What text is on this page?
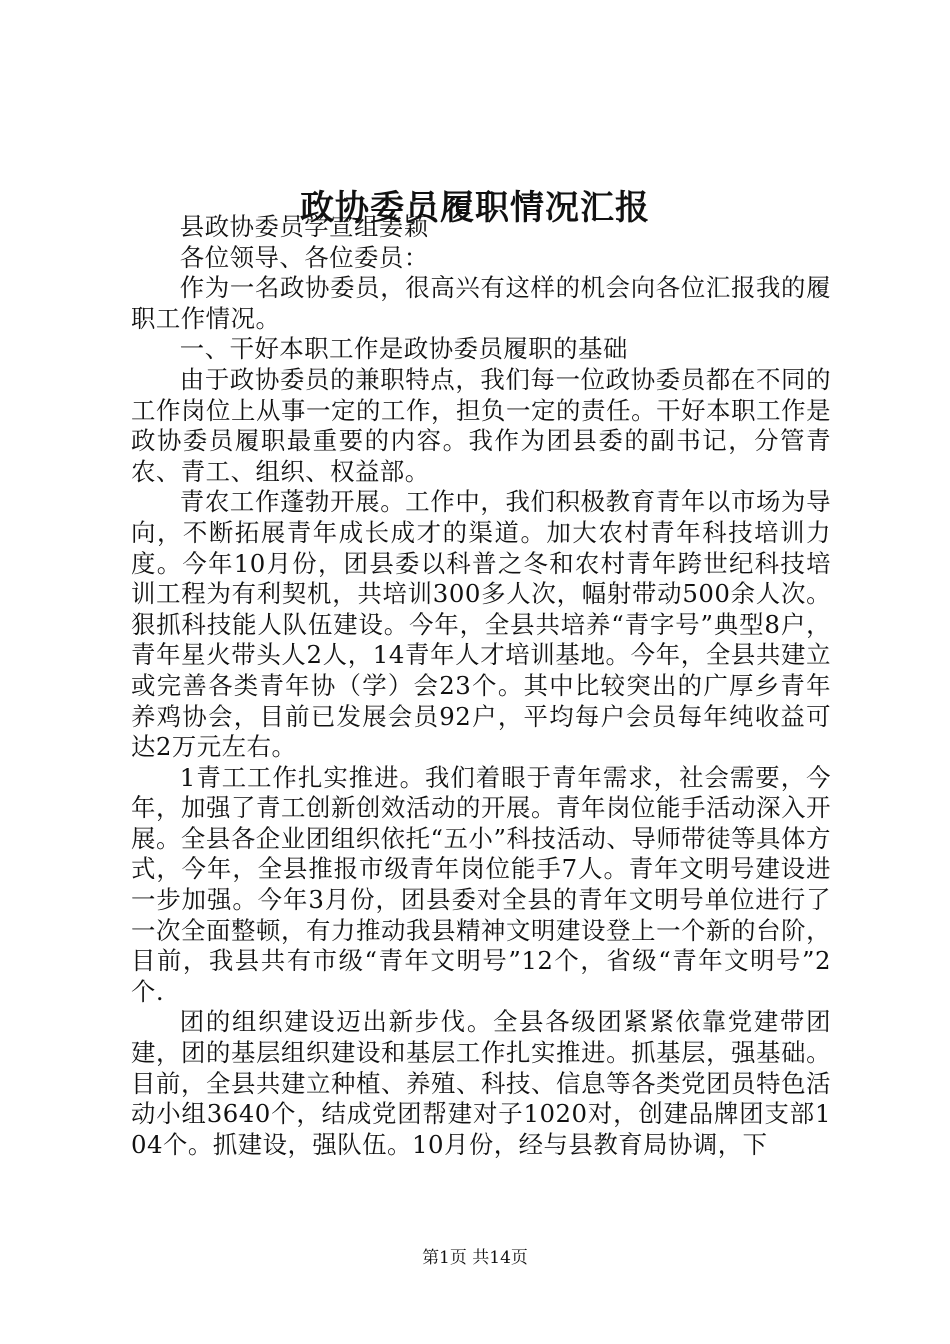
政协委员履职情况汇报

县政协委员学宣组姜颖

各位领导、各位委员：

作为一名政协委员，很高兴有这样的机会向各位汇报我的履职工作情况。

一、干好本职工作是政协委员履职的基础

由于政协委员的兼职特点，我们每一位政协委员都在不同的工作岗位上从事一定的工作，担负一定的责任。干好本职工作是政协委员履职最重要的内容。我作为团县委的副书记，分管青农、青工、组织、权益部。

青农工作蓬勃开展。工作中，我们积极教育青年以市场为导向，不断拓展青年成长成才的渠道。加大农村青年科技培训力度。今年10月份，团县委以科普之冬和农村青年跨世纪科技培训工程为有利契机，共培训300多人次，幅射带动500余人次。狠抓科技能人队伍建设。今年，全县共培养“青字号”典型8户，青年星火带头人2人，14青年人才培训基地。今年，全县共建立或完善各类青年协（学）会23个。其中比较突出的广厚乡青年养鸡协会，目前已发展会员92户，平均每户会员每年纯收益可达2万元左右。

1青工工作扎实推进。我们着眼于青年需求，社会需要，今年，加强了青工创新创效活动的开展。青年岗位能手活动深入开展。全县各企业团组织依托“五小”科技活动、导师带徒等具体方式，今年，全县推报市级青年岗位能手7人。青年文明号建设进一步加强。今年3月份，团县委对全县的青年文明号单位进行了一次全面整顿，有力推动我县精神文明建设登上一个新的台阶，目前，我县共有市级“青年文明号”12个，省级“青年文明号”2个.

团的组织建设迈出新步伐。全县各级团紧紧依靠党建带团建，团的基层组织建设和基层工作扎实推进。抓基层，强基础。目前，全县共建立种植、养殖、科技、信息等各类党团员特色活动小组3640个，结成党团帮建对子1020对，创建品牌团支部104个。抓建设，强队伍。10月份，经与县教育局协调，下

第1页 共14页
